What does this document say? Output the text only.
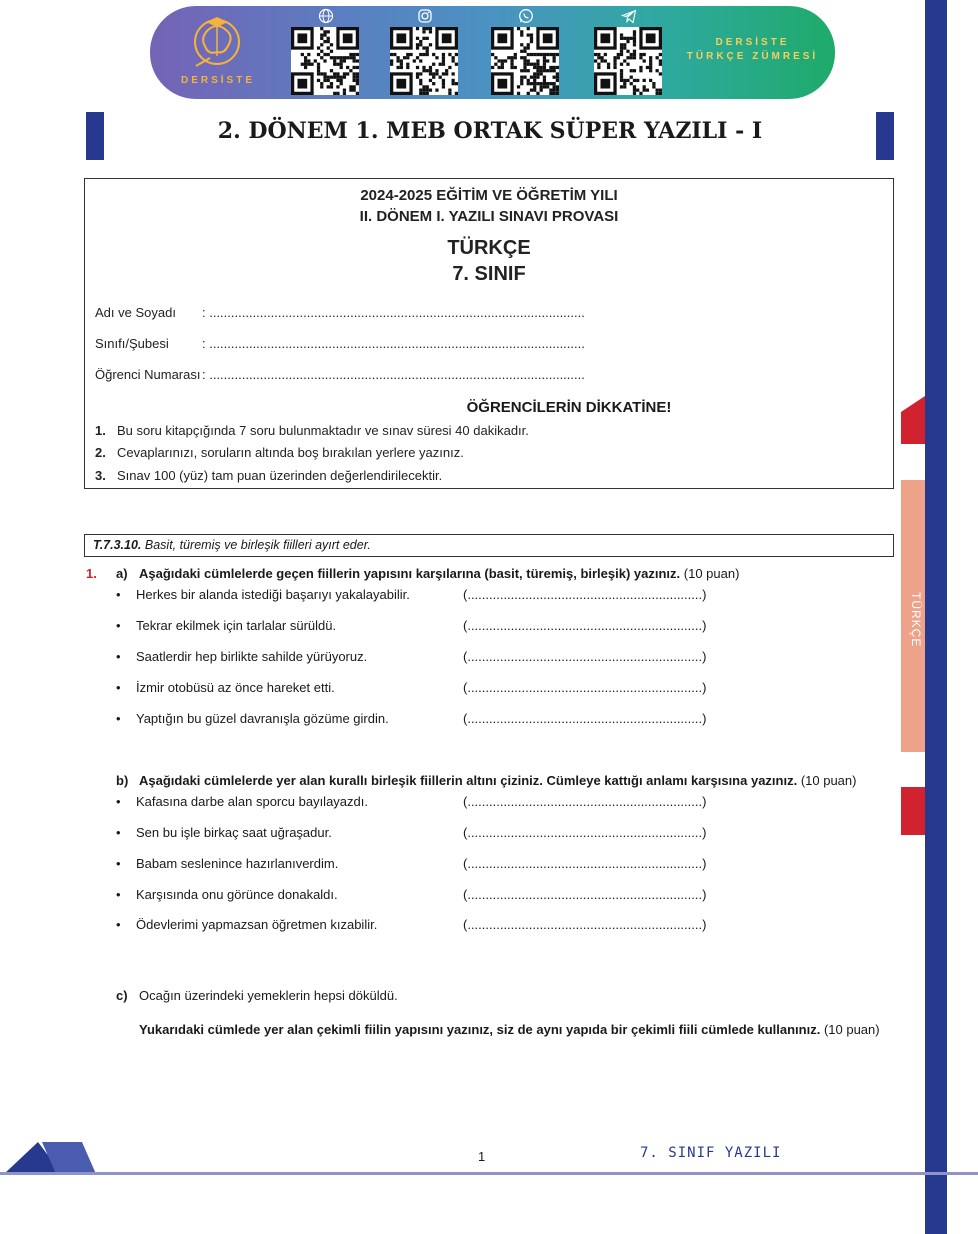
TÜRKÇE
DERSİSTE
DERSİSTE
TÜRKÇE ZÜMRESİ
2. DÖNEM 1. MEB ORTAK SÜPER YAZILI - I
2024-2025 EĞİTİM VE ÖĞRETİM YILI
II. DÖNEM I. YAZILI SINAVI PROVASI
TÜRKÇE
7. SINIF
Adı ve Soyadı : ........................................................................................................
Sınıfı/Şubesi	: ........................................................................................................
Öğrenci Numarası : ........................................................................................................
ÖĞRENCİLERİN DİKKATİNE!
1. Bu soru kitapçığında 7 soru bulunmaktadır ve sınav süresi 40 dakikadır.
2. Cevaplarınızı, soruların altında boş bırakılan yerlere yazınız.
3. Sınav 100 (yüz) tam puan üzerinden değerlendirilecektir.
T.7.3.10. Basit, türemiş ve birleşik fiilleri ayırt eder.
1. a) Aşağıdaki cümlelerde geçen fiillerin yapısını karşılarına (basit, türemiş, birleşik) yazınız. (10 puan)
• Herkes bir alanda istediği başarıyı yakalayabilir.	(.................................................................)
• Tekrar ekilmek için tarlalar sürüldü.	(.................................................................)
• Saatlerdir hep birlikte sahilde yürüyoruz.	(.................................................................)
• İzmir otobüsü az önce hareket etti.	(.................................................................)
• Yaptığın bu güzel davranışla gözüme girdin.	(.................................................................)
b) Aşağıdaki cümlelerde yer alan kurallı birleşik fiillerin altını çiziniz. Cümleye kattığı anlamı karşısına yazınız. (10 puan)
• Kafasına darbe alan sporcu bayılayazdı.	(.................................................................)
• Sen bu işle birkaç saat uğraşadur.	(.................................................................)
• Babam seslenince hazırlanıverdim.	(.................................................................)
• Karşısında onu görünce donakaldı.	(.................................................................)
• Ödevlerimi yapmazsan öğretmen kızabilir.	(.................................................................)
c) Ocağın üzerindeki yemeklerin hepsi döküldü.
Yukarıdaki cümlede yer alan çekimli fiilin yapısını yazınız, siz de aynı yapıda bir çekimli fiili cümlede kullanınız. (10 puan)
1	7. SINIF YAZILI
